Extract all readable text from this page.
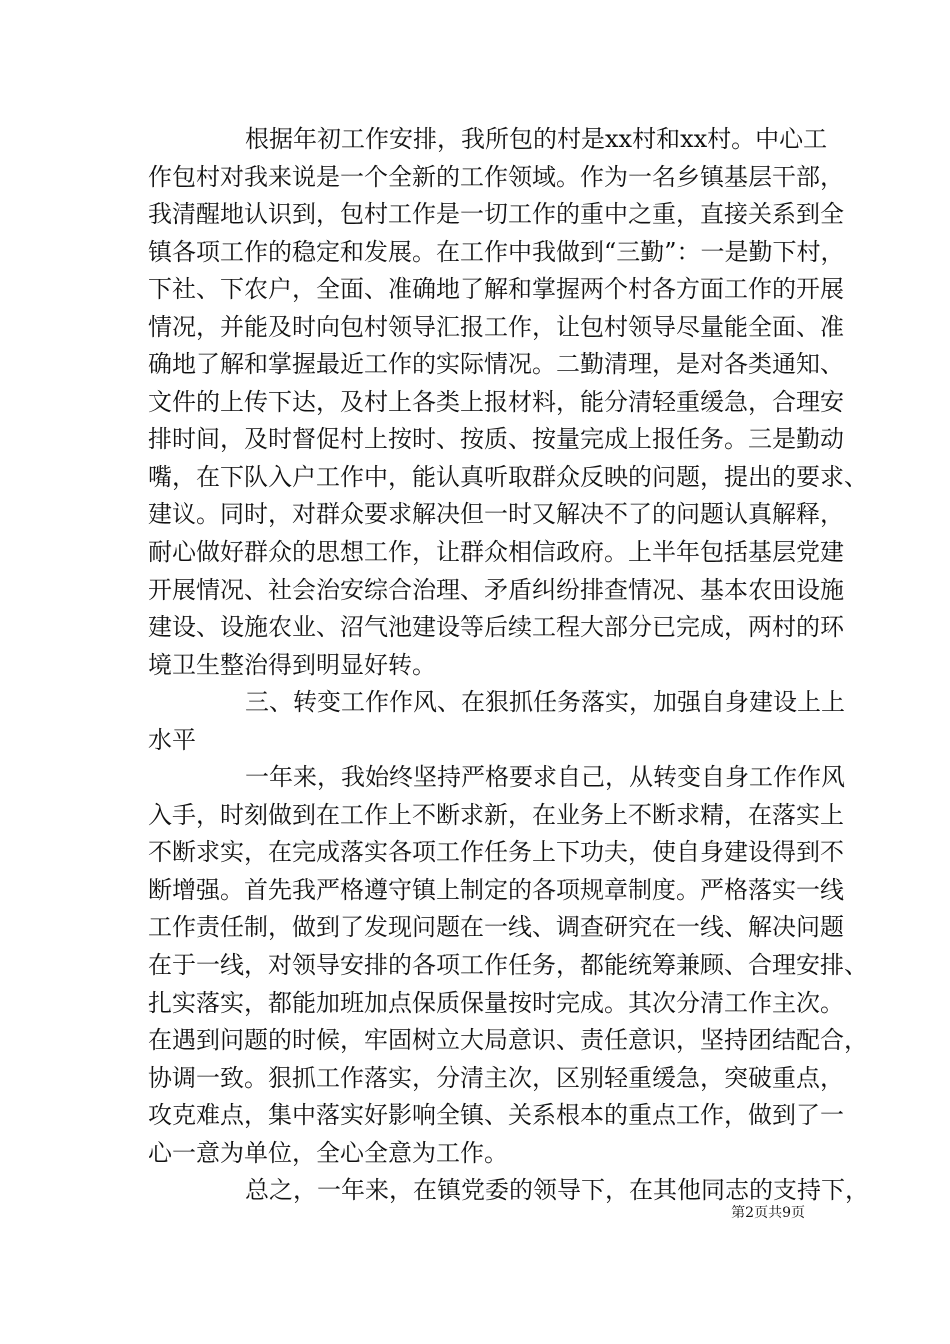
根据年初工作安排，我所包的村是xx村和xx村。中心工
作包村对我来说是一个全新的工作领域。作为一名乡镇基层干部，
我清醒地认识到，包村工作是一切工作的重中之重，直接关系到全
镇各项工作的稳定和发展。在工作中我做到“三勤”：一是勤下村，
下社、下农户，全面、准确地了解和掌握两个村各方面工作的开展
情况，并能及时向包村领导汇报工作，让包村领导尽量能全面、准
确地了解和掌握最近工作的实际情况。二勤清理，是对各类通知、
文件的上传下达，及村上各类上报材料，能分清轻重缓急，合理安
排时间，及时督促村上按时、按质、按量完成上报任务。三是勤动
嘴，在下队入户工作中，能认真听取群众反映的问题，提出的要求、
建议。同时，对群众要求解决但一时又解决不了的问题认真解释，
耐心做好群众的思想工作，让群众相信政府。上半年包括基层党建
开展情况、社会治安综合治理、矛盾纠纷排查情况、基本农田设施
建设、设施农业、沼气池建设等后续工程大部分已完成，两村的环
境卫生整治得到明显好转。
三、转变工作作风、在狠抓任务落实，加强自身建设上上
水平
一年来，我始终坚持严格要求自己，从转变自身工作作风
入手，时刻做到在工作上不断求新，在业务上不断求精，在落实上
不断求实，在完成落实各项工作任务上下功夫，使自身建设得到不
断增强。首先我严格遵守镇上制定的各项规章制度。严格落实一线
工作责任制，做到了发现问题在一线、调查研究在一线、解决问题
在于一线，对领导安排的各项工作任务，都能统筹兼顾、合理安排、
扎实落实，都能加班加点保质保量按时完成。其次分清工作主次。
在遇到问题的时候，牢固树立大局意识、责任意识，坚持团结配合，
协调一致。狠抓工作落实，分清主次，区别轻重缓急，突破重点，
攻克难点，集中落实好影响全镇、关系根本的重点工作，做到了一
心一意为单位，全心全意为工作。
总之，一年来，在镇党委的领导下，在其他同志的支持下，
第2页共9页
